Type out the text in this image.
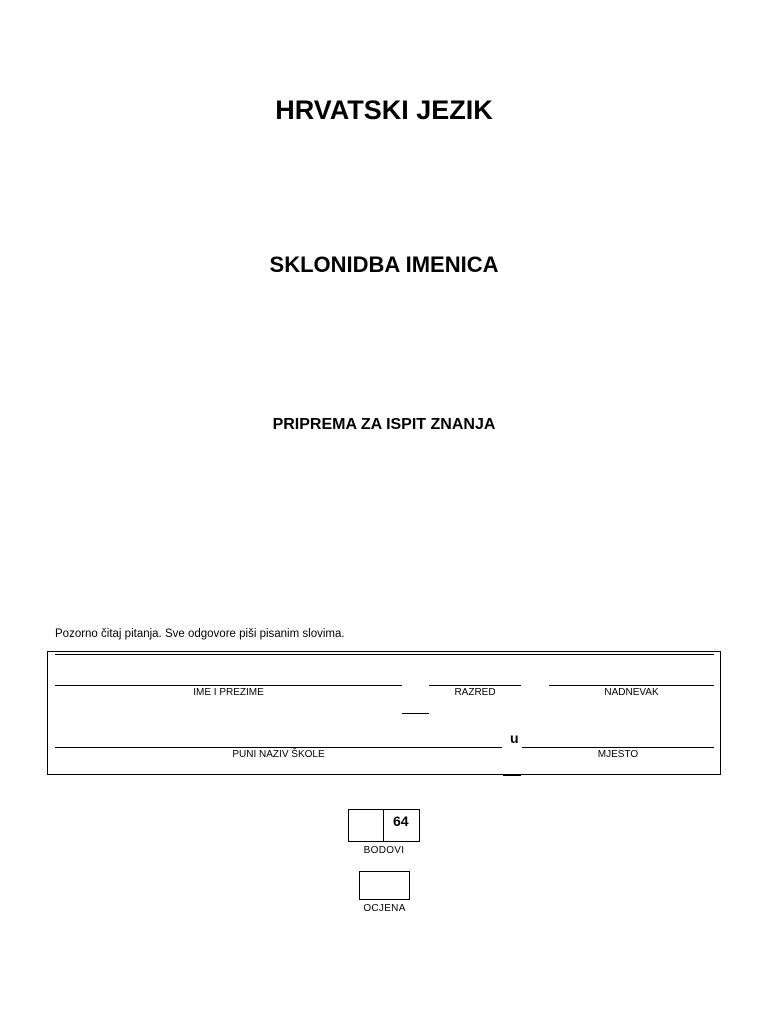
HRVATSKI JEZIK
SKLONIDBA IMENICA
PRIPREMA ZA ISPIT ZNANJA
Pozorno čitaj pitanja. Sve odgovore piši pisanim slovima.
IME I PREZIME	RAZRED	NADNEVAK
u
PUNI NAZIV ŠKOLE	MJESTO
64
BODOVI
OCJENA
